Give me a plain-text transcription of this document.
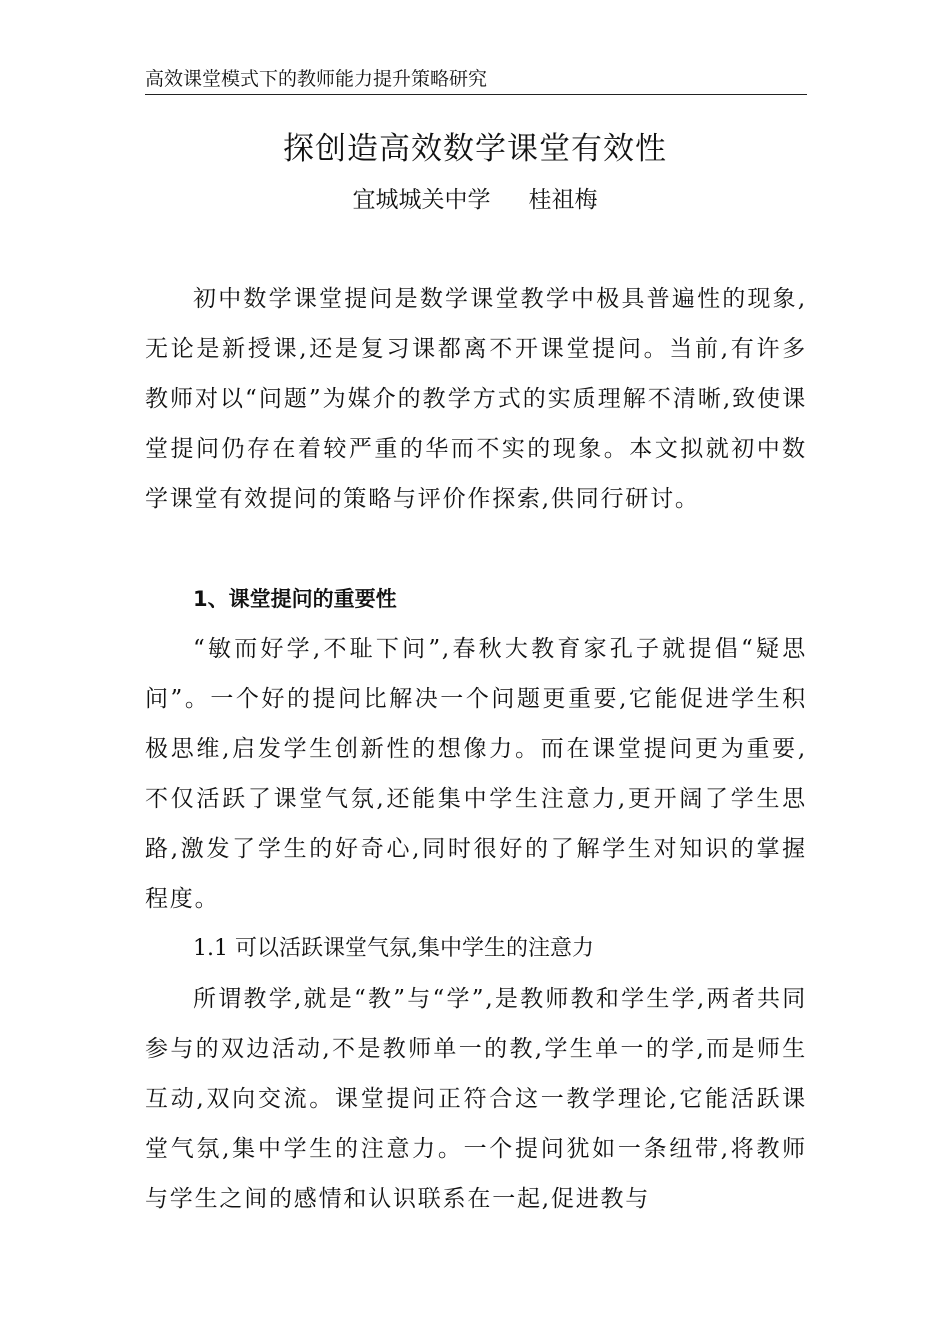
高效课堂模式下的教师能力提升策略研究
探创造高效数学课堂有效性
宜城城关中学 桂祖梅
初中数学课堂提问是数学课堂教学中极具普遍性的现象,无论是新授课,还是复习课都离不开课堂提问。当前,有许多教师对以“问题”为媒介的教学方式的实质理解不清晰,致使课堂提问仍存在着较严重的华而不实的现象。本文拟就初中数学课堂有效提问的策略与评价作探索,供同行研讨。
1、课堂提问的重要性
“敏而好学,不耻下问”,春秋大教育家孔子就提倡“疑思问”。一个好的提问比解决一个问题更重要,它能促进学生积极思维,启发学生创新性的想像力。而在课堂提问更为重要,不仅活跃了课堂气氛,还能集中学生注意力,更开阔了学生思路,激发了学生的好奇心,同时很好的了解学生对知识的掌握程度。
1.1 可以活跃课堂气氛,集中学生的注意力
所谓教学,就是“教”与“学”,是教师教和学生学,两者共同参与的双边活动,不是教师单一的教,学生单一的学,而是师生互动,双向交流。课堂提问正符合这一教学理论,它能活跃课堂气氛,集中学生的注意力。一个提问犹如一条纽带,将教师与学生之间的感情和认识联系在一起,促进教与
